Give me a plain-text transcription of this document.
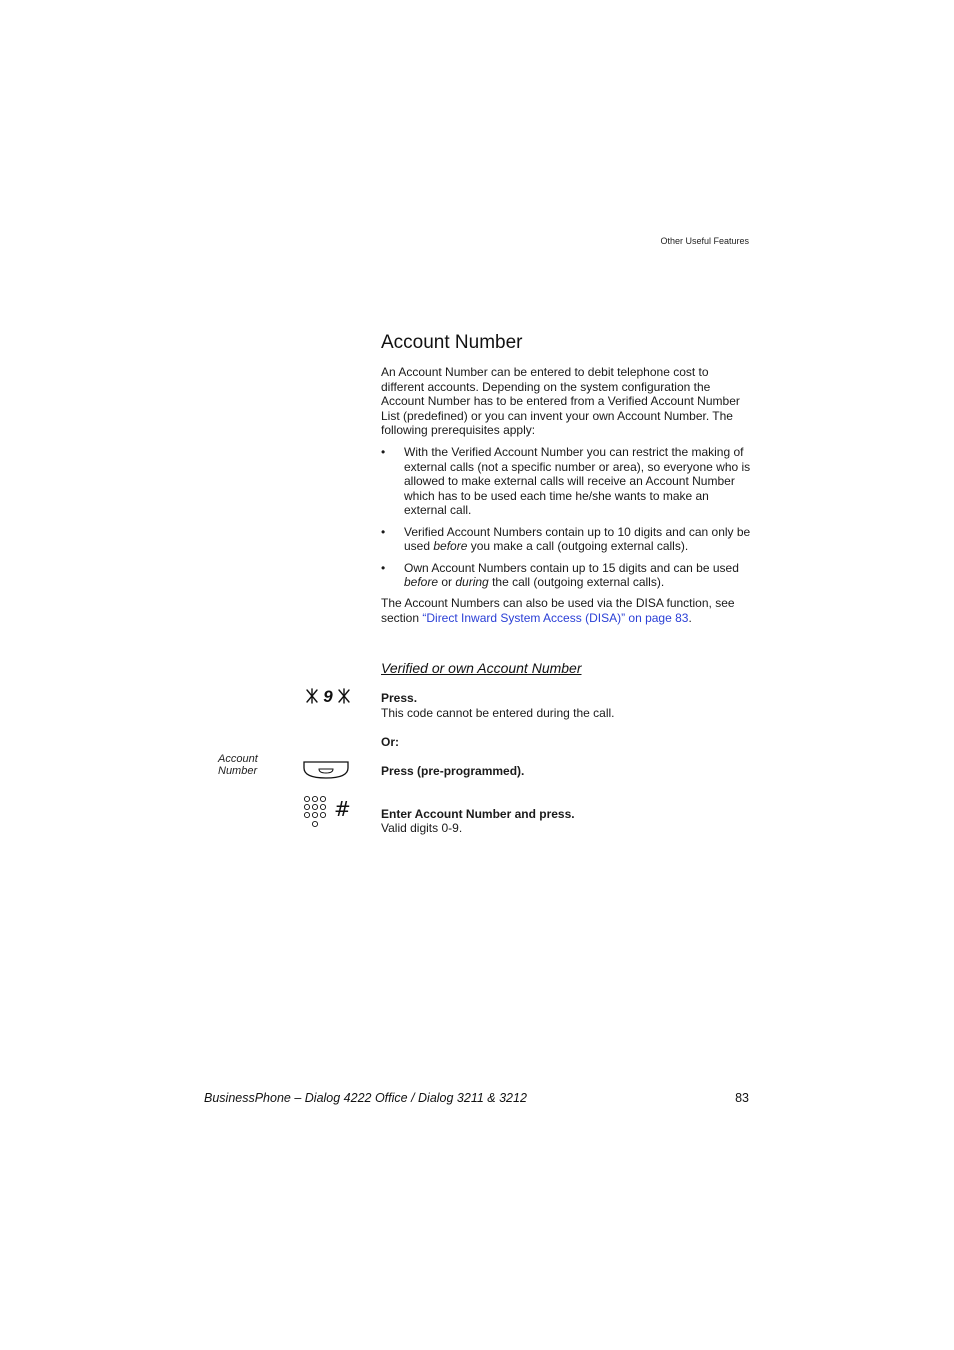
Other Useful Features
Account Number
An Account Number can be entered to debit telephone cost to different accounts. Depending on the system configuration the Account Number has to be entered from a Verified Account Number List (predefined) or you can invent your own Account Number. The following prerequisites apply:
• With the Verified Account Number you can restrict the making of external calls (not a specific number or area), so everyone who is allowed to make external calls will receive an Account Number which has to be used each time he/she wants to make an external call.
• Verified Account Numbers contain up to 10 digits and can only be used before you make a call (outgoing external calls).
• Own Account Numbers contain up to 15 digits and can be used before or during the call (outgoing external calls).
The Account Numbers can also be used via the DISA function, see section “Direct Inward System Access (DISA)” on page 83.
Verified or own Account Number
9	Press.
This code cannot be entered during the call.
Or:
Account
Number	Press (pre-programmed).
#	Enter Account Number and press.
Valid digits 0-9.
BusinessPhone – Dialog 4222 Office / Dialog 3211 & 3212	83
